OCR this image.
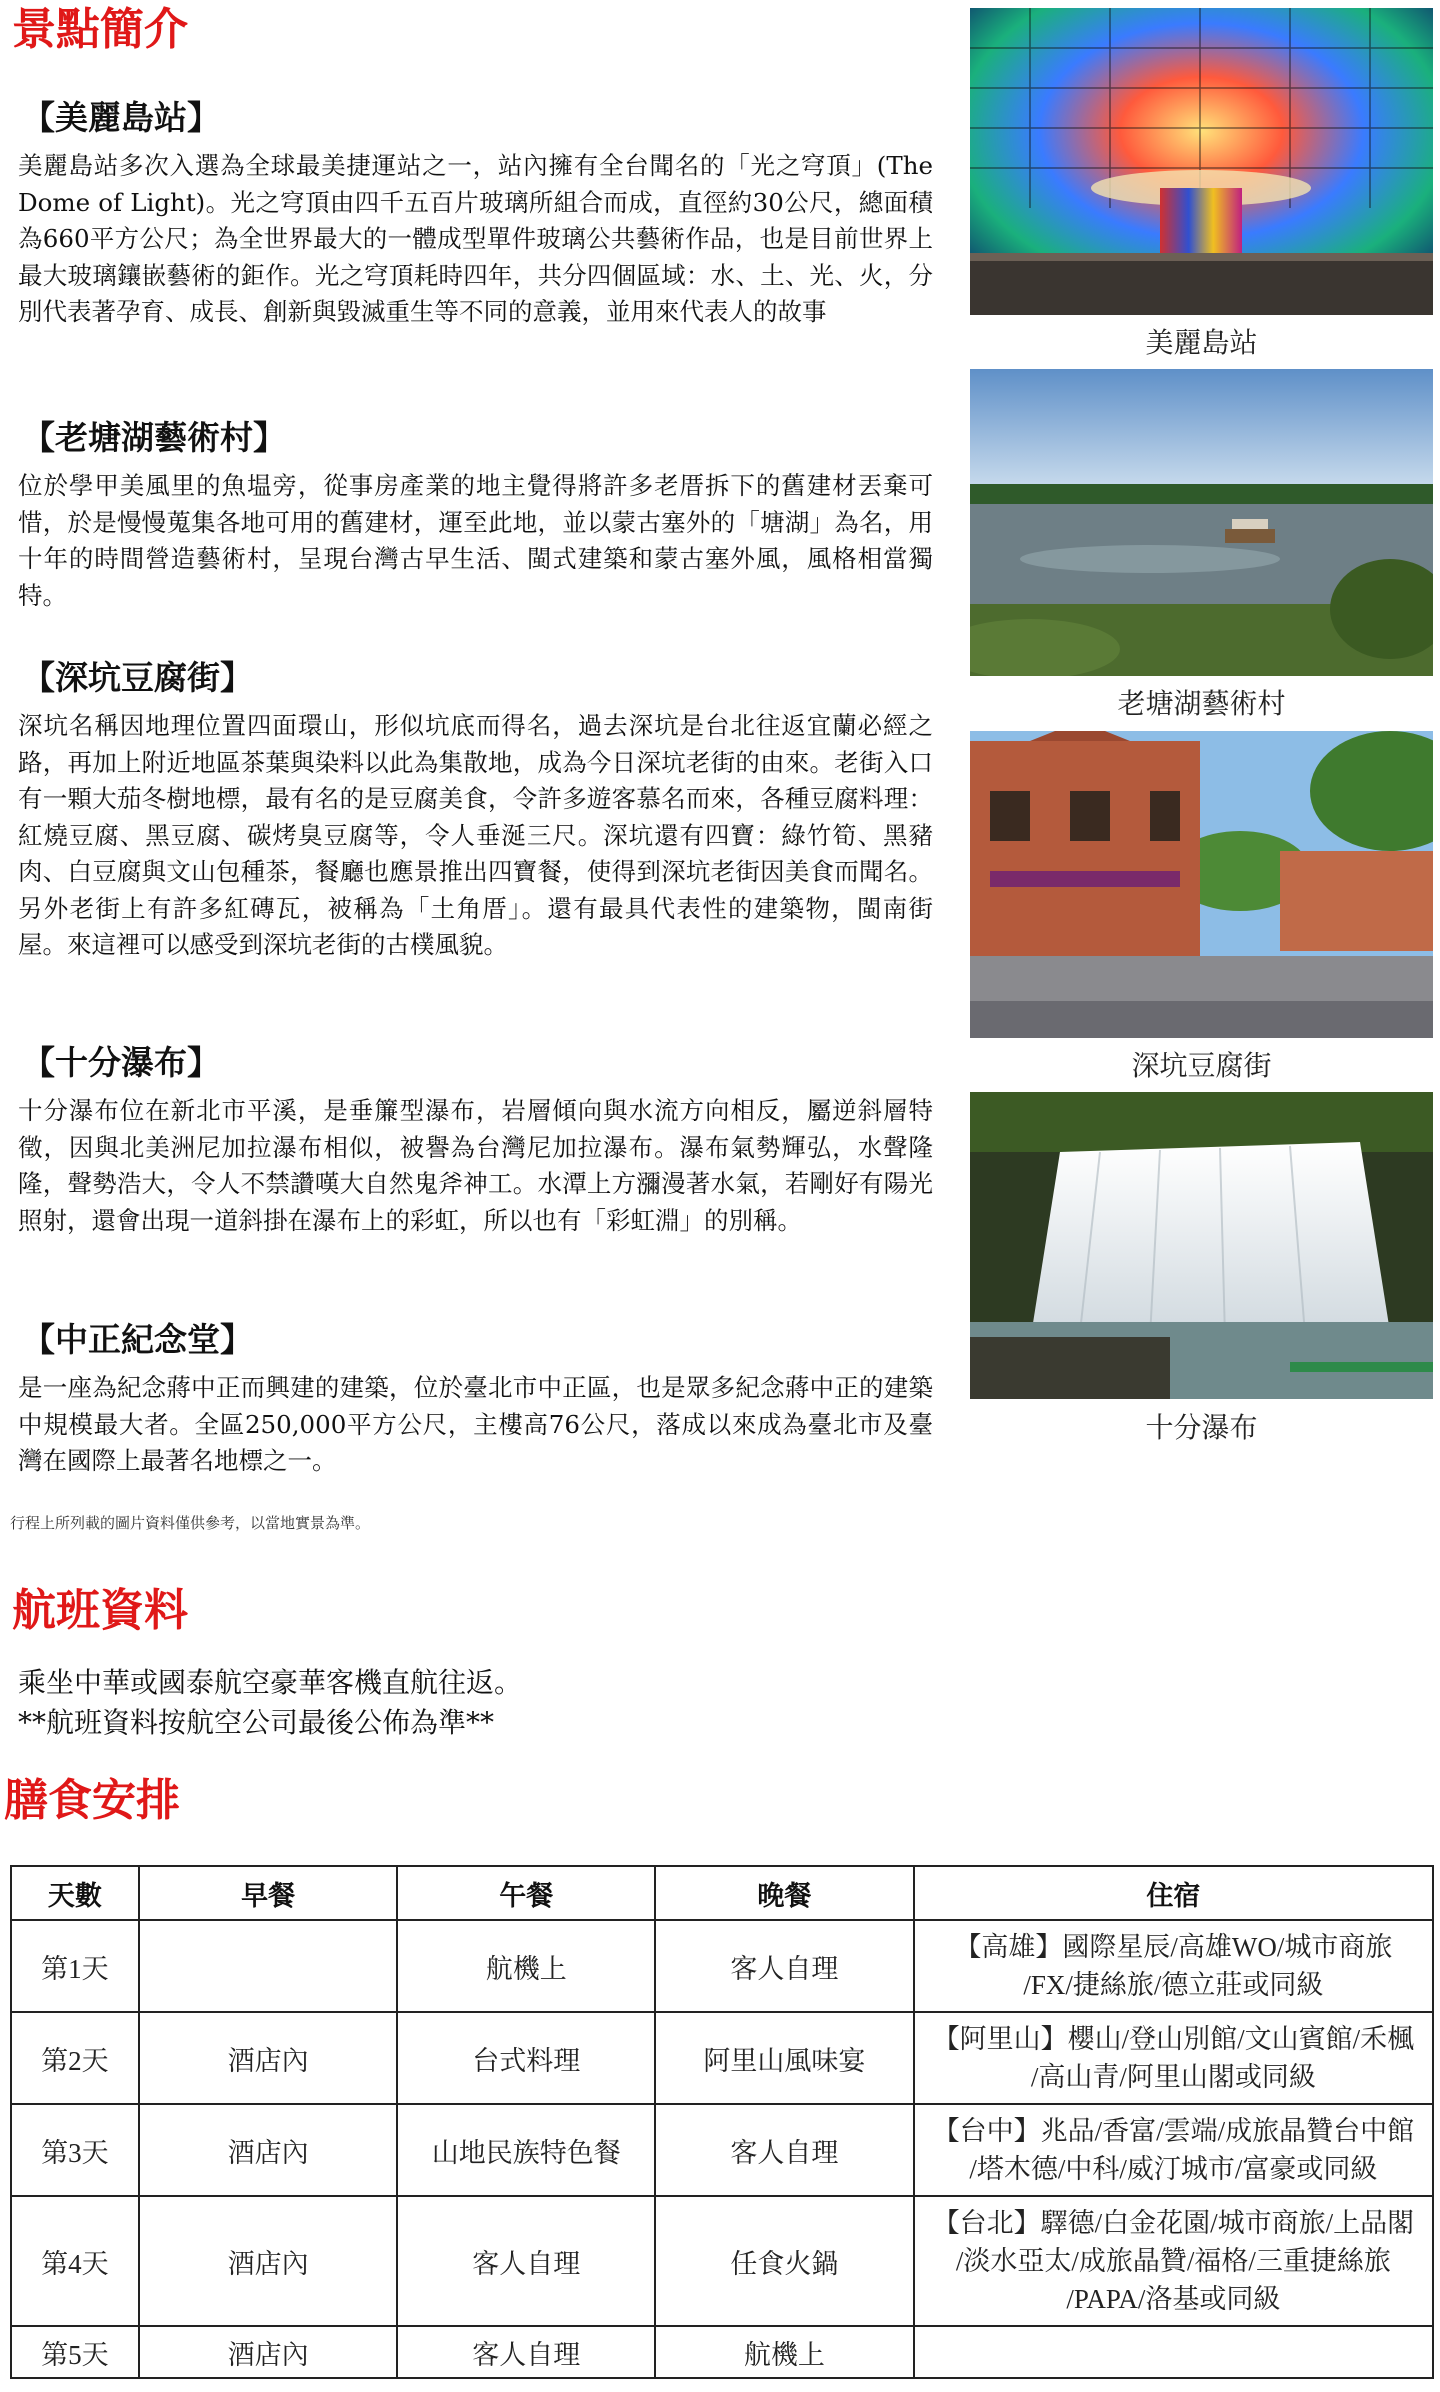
景點簡介

【美麗島站】

美麗島站多次入選為全球最美捷運站之一，站內擁有全台聞名的「光之穹頂」(The Dome of Light)。光之穹頂由四千五百片玻璃所組合而成，直徑約30公尺，總面積為660平方公尺；為全世界最大的一體成型單件玻璃公共藝術作品，也是目前世界上最大玻璃鑲嵌藝術的鉅作。光之穹頂耗時四年，共分四個區域：水、土、光、火，分別代表著孕育、成長、創新與毀滅重生等不同的意義，並用來代表人的故事

【老塘湖藝術村】

位於學甲美風里的魚塭旁，從事房產業的地主覺得將許多老厝拆下的舊建材丟棄可惜，於是慢慢蒐集各地可用的舊建材，運至此地，並以蒙古塞外的「塘湖」為名，用十年的時間營造藝術村，呈現台灣古早生活、閩式建築和蒙古塞外風，風格相當獨特。

【深坑豆腐街】

深坑名稱因地理位置四面環山，形似坑底而得名，過去深坑是台北往返宜蘭必經之路，再加上附近地區茶葉與染料以此為集散地，成為今日深坑老街的由來。老街入口有一顆大茄冬樹地標，最有名的是豆腐美食，令許多遊客慕名而來，各種豆腐料理：紅燒豆腐、黑豆腐、碳烤臭豆腐等，令人垂涎三尺。深坑還有四寶：綠竹筍、黑豬肉、白豆腐與文山包種茶，餐廳也應景推出四寶餐，使得到深坑老街因美食而聞名。另外老街上有許多紅磚瓦，被稱為「土角厝」。還有最具代表性的建築物，閩南街屋。來這裡可以感受到深坑老街的古樸風貌。

【十分瀑布】

十分瀑布位在新北市平溪，是垂簾型瀑布，岩層傾向與水流方向相反，屬逆斜層特徵，因與北美洲尼加拉瀑布相似，被譽為台灣尼加拉瀑布。瀑布氣勢輝弘，水聲隆隆，聲勢浩大，令人不禁讚嘆大自然鬼斧神工。水潭上方瀰漫著水氣，若剛好有陽光照射，還會出現一道斜掛在瀑布上的彩虹，所以也有「彩虹淵」的別稱。

【中正紀念堂】

是一座為紀念蔣中正而興建的建築，位於臺北市中正區，也是眾多紀念蔣中正的建築中規模最大者。全區250,000平方公尺，主樓高76公尺，落成以來成為臺北市及臺灣在國際上最著名地標之一。

美麗島站
老塘湖藝術村
深坑豆腐街
十分瀑布
行程上所列載的圖片資料僅供參考，以當地實景為準。
航班資料
乘坐中華或國泰航空豪華客機直航往返。
**航班資料按航空公司最後公佈為準**
膳食安排
天數	早餐	午餐	晚餐	住宿
第1天		航機上	客人自理	【高雄】國際星辰/高雄WO/城市商旅
/FX/捷絲旅/德立莊或同級

第2天	酒店內	台式料理	阿里山風味宴	【阿里山】櫻山/登山別館/文山賓館/禾楓
/高山青/阿里山閣或同級

第3天	酒店內	山地民族特色餐	客人自理	【台中】兆品/香富/雲端/成旅晶贊台中館
/塔木德/中科/威汀城市/富豪或同級

第4天	酒店內	客人自理	任食火鍋	【台北】驛德/白金花園/城市商旅/上品閣
/淡水亞太/成旅晶贊/福格/三重捷絲旅
/PAPA/洛基或同級

第5天	酒店內	客人自理	航機上	
